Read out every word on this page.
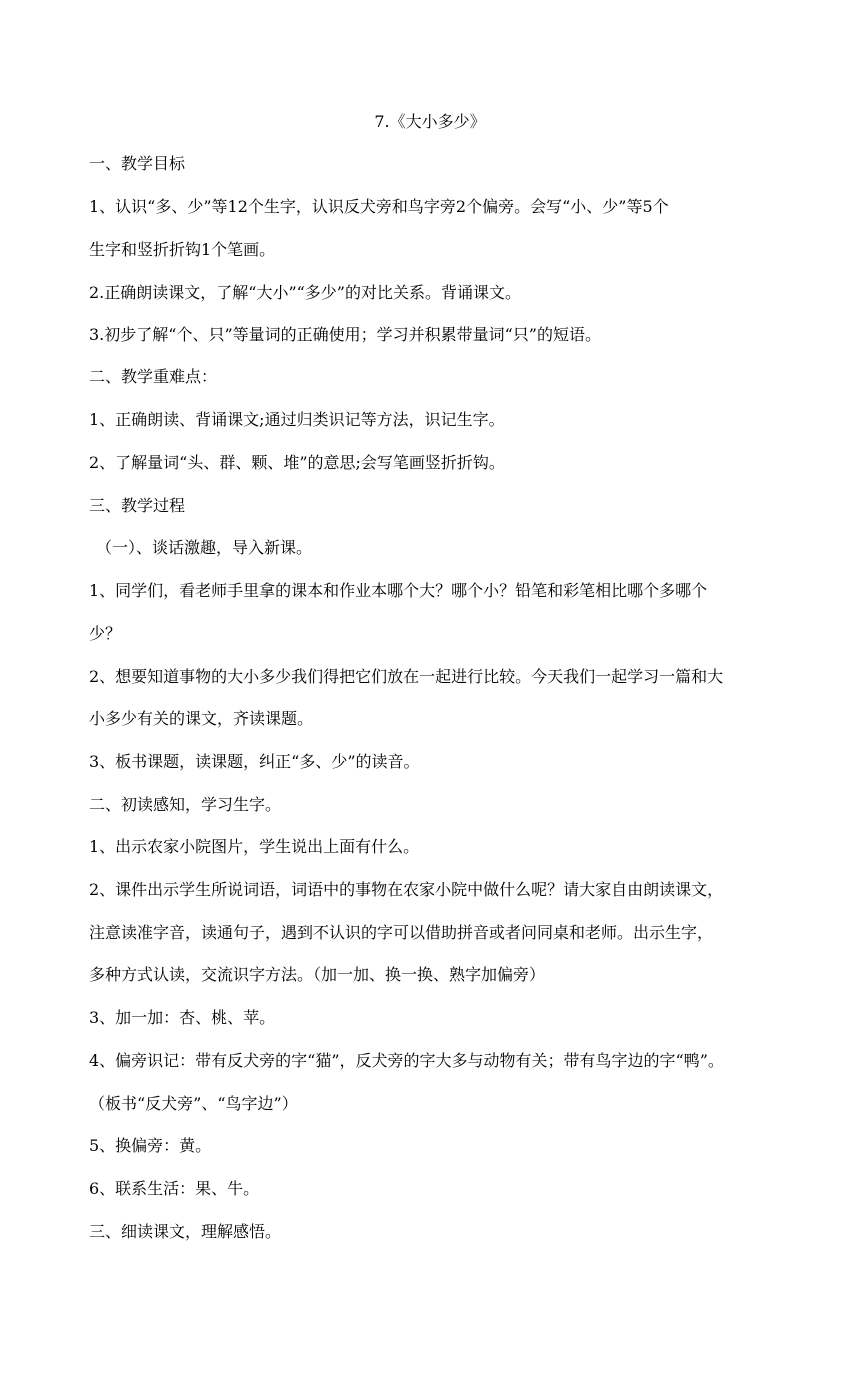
7.《大小多少》
一、教学目标
1、认识“多、少”等12个生字，认识反犬旁和鸟字旁2个偏旁。会写“小、少”等5个
生字和竖折折钩1个笔画。
2.正确朗读课文，了解“大小”“多少”的对比关系。背诵课文。
3.初步了解“个、只”等量词的正确使用；学习并积累带量词“只”的短语。
二、教学重难点：
1、正确朗读、背诵课文;通过归类识记等方法，识记生字。
2、了解量词“头、群、颗、堆”的意思;会写笔画竖折折钩。
三、教学过程
（一）、谈话激趣，导入新课。
1、同学们，看老师手里拿的课本和作业本哪个大？哪个小？铅笔和彩笔相比哪个多哪个
少？
2、想要知道事物的大小多少我们得把它们放在一起进行比较。今天我们一起学习一篇和大
小多少有关的课文，齐读课题。
3、板书课题，读课题，纠正“多、少”的读音。
二、初读感知，学习生字。
1、出示农家小院图片，学生说出上面有什么。
2、课件出示学生所说词语，词语中的事物在农家小院中做什么呢？请大家自由朗读课文，
注意读准字音，读通句子，遇到不认识的字可以借助拼音或者问同桌和老师。出示生字，
多种方式认读，交流识字方法。（加一加、换一换、熟字加偏旁）
3、加一加：杏、桃、苹。
4、偏旁识记：带有反犬旁的字“猫”，反犬旁的字大多与动物有关；带有鸟字边的字“鸭”。
（板书“反犬旁”、“鸟字边”）
5、换偏旁：黄。
6、联系生活：果、牛。
三、细读课文，理解感悟。
